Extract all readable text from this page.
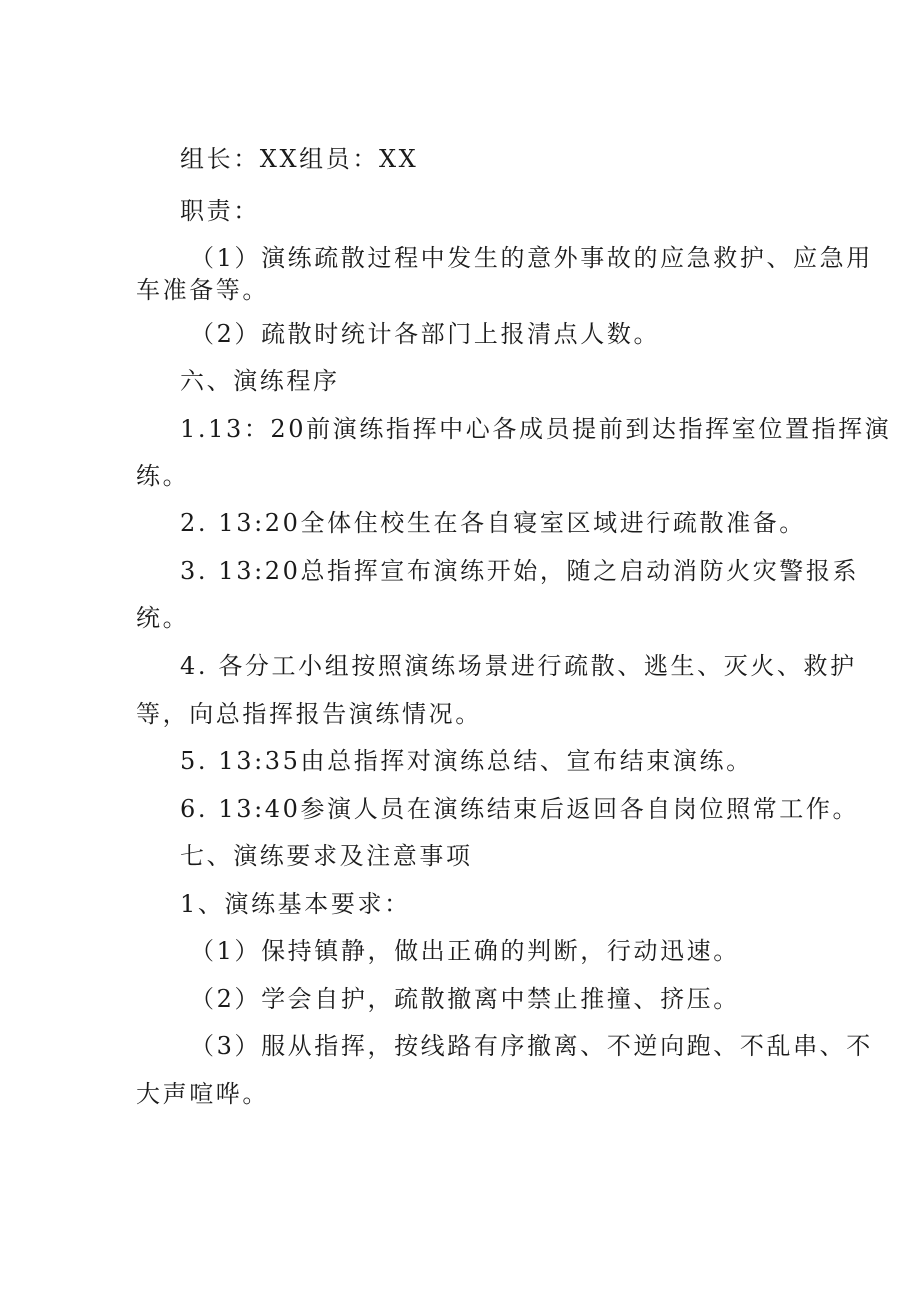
组长：XX组员：XX
职责：
（1）演练疏散过程中发生的意外事故的应急救护、应急用
车准备等。
（2）疏散时统计各部门上报清点人数。
六、演练程序
1.13：20前演练指挥中心各成员提前到达指挥室位置指挥演
练。
2. 13:20全体住校生在各自寝室区域进行疏散准备。
3. 13:20总指挥宣布演练开始，随之启动消防火灾警报系
统。
4. 各分工小组按照演练场景进行疏散、逃生、灭火、救护
等，向总指挥报告演练情况。
5. 13:35由总指挥对演练总结、宣布结束演练。
6. 13:40参演人员在演练结束后返回各自岗位照常工作。
七、演练要求及注意事项
1、演练基本要求：
（1）保持镇静，做出正确的判断，行动迅速。
（2）学会自护，疏散撤离中禁止推撞、挤压。
（3）服从指挥，按线路有序撤离、不逆向跑、不乱串、不
大声喧哗。
